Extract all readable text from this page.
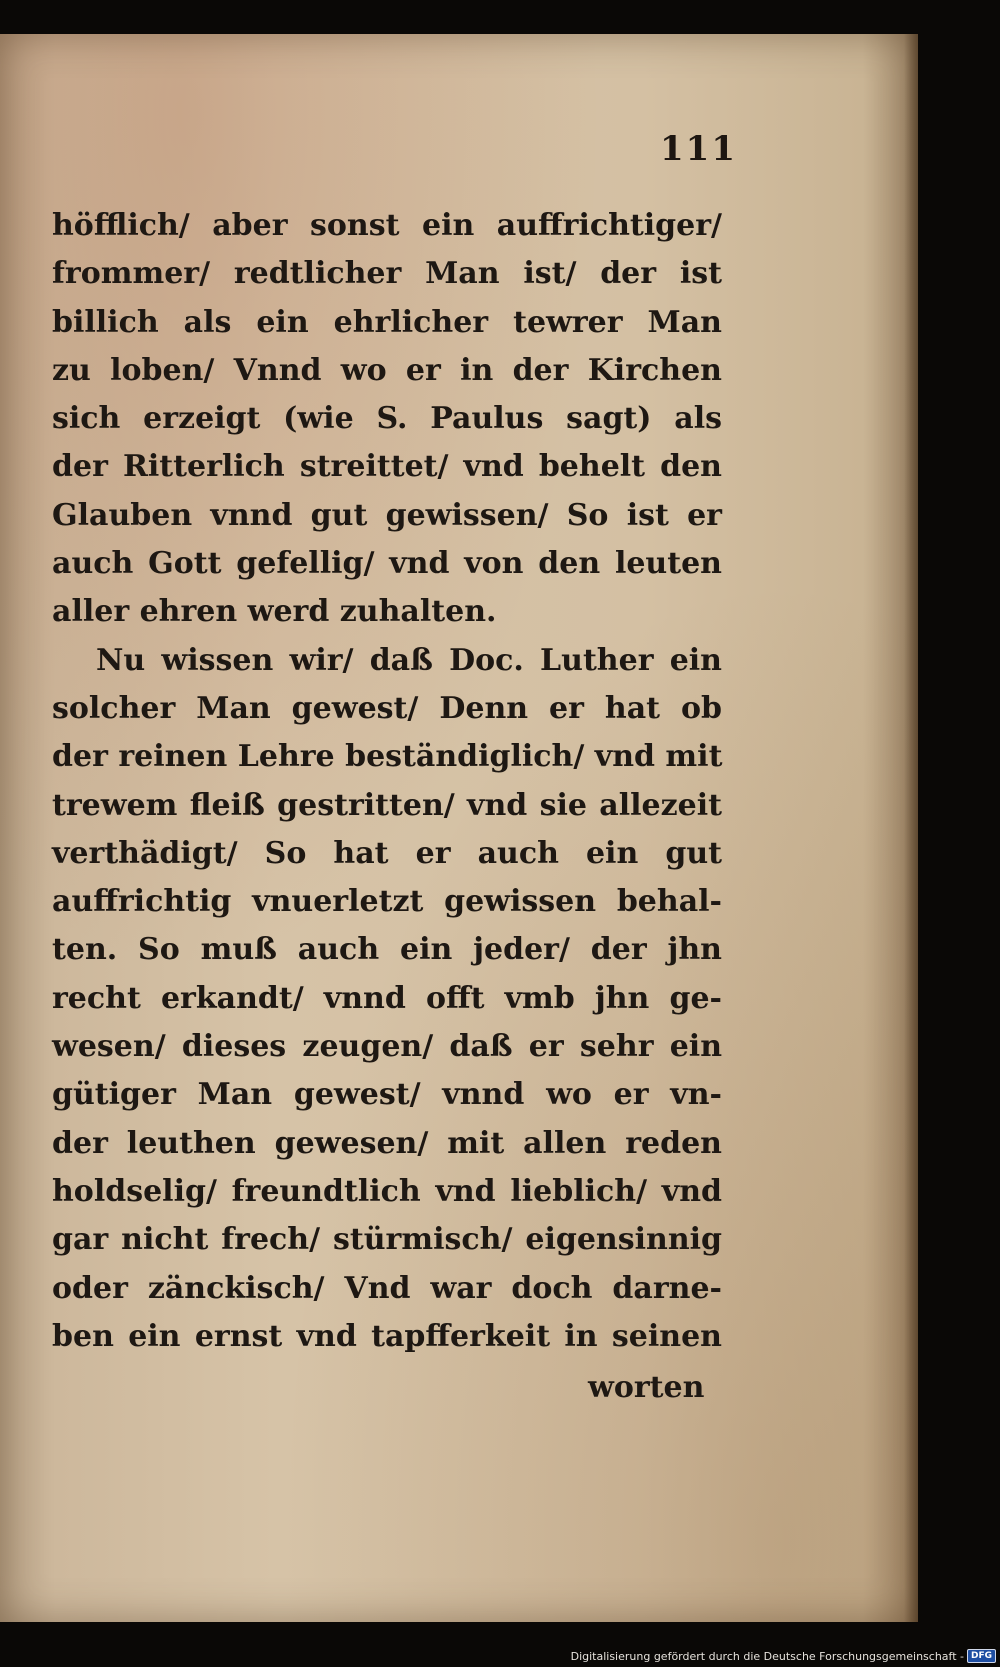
111
höfflich/ aber sonst ein auffrichtiger/
frommer/ redtlicher Man ist/ der ist
billich als ein ehrlicher tewrer Man
zu loben/ Vnnd wo er in der Kirchen
sich erzeigt (wie S. Paulus sagt) als
der Ritterlich streittet/ vnd behelt den
Glauben vnnd gut gewissen/ So ist er
auch Gott gefellig/ vnd von den leuten
aller ehren werd zuhalten.
Nu wissen wir/ daß Doc. Luther ein
solcher Man gewest/ Denn er hat ob
der reinen Lehre beständiglich/ vnd mit
trewem fleiß gestritten/ vnd sie allezeit
verthädigt/ So hat er auch ein gut
auffrichtig vnuerletzt gewissen behal-
ten. So muß auch ein jeder/ der jhn
recht erkandt/ vnnd offt vmb jhn ge-
wesen/ dieses zeugen/ daß er sehr ein
gütiger Man gewest/ vnnd wo er vn-
der leuthen gewesen/ mit allen reden
holdselig/ freundtlich vnd lieblich/ vnd
gar nicht frech/ stürmisch/ eigensinnig
oder zänckisch/ Vnd war doch darne-
ben ein ernst vnd tapfferkeit in seinen
worten
Digitalisierung gefördert durch die Deutsche Forschungsgemeinschaft - DFG
